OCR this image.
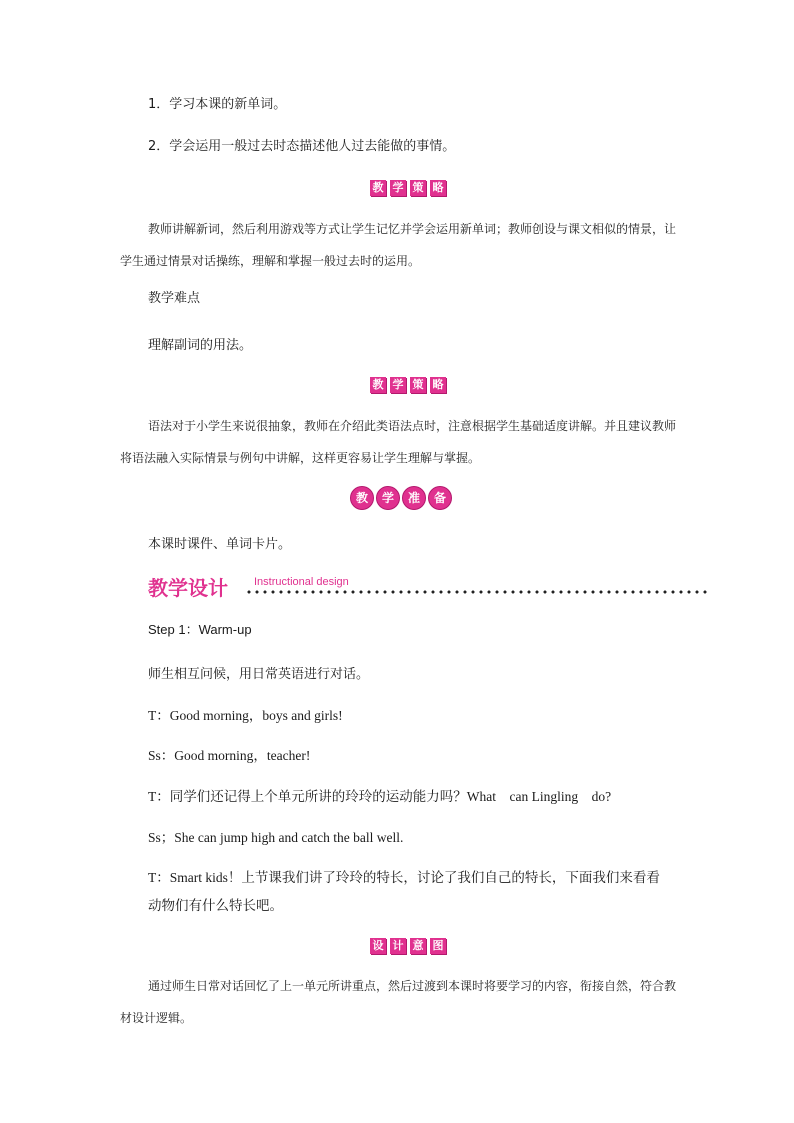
1．学习本课的新单词。
2．学会运用一般过去时态描述他人过去能做的事情。
教 学 策 略
教师讲解新词，然后利用游戏等方式让学生记忆并学会运用新单词；教师创设与课文相似的情景，让学生通过情景对话操练，理解和掌握一般过去时的运用。
教学难点
理解副词的用法。
教 学 策 略
语法对于小学生来说很抽象，教师在介绍此类语法点时，注意根据学生基础适度讲解。并且建议教师将语法融入实际情景与例句中讲解，这样更容易让学生理解与掌握。
教	学	准	备
本课时课件、单词卡片。
教学设计 Instructional design
Step 1：Warm-up
师生相互问候，用日常英语进行对话。
T：Good morning，boys and girls!
Ss：Good morning，teacher!
T：同学们还记得上个单元所讲的玲玲的运动能力吗？What　can Lingling　do?
Ss；She can jump high and catch the ball well.
T：Smart kids！上节课我们讲了玲玲的特长，讨论了我们自己的特长，下面我们来看看
动物们有什么特长吧。
设 计 意 图
通过师生日常对话回忆了上一单元所讲重点，然后过渡到本课时将要学习的内容，衔接自然，符合教材设计逻辑。
